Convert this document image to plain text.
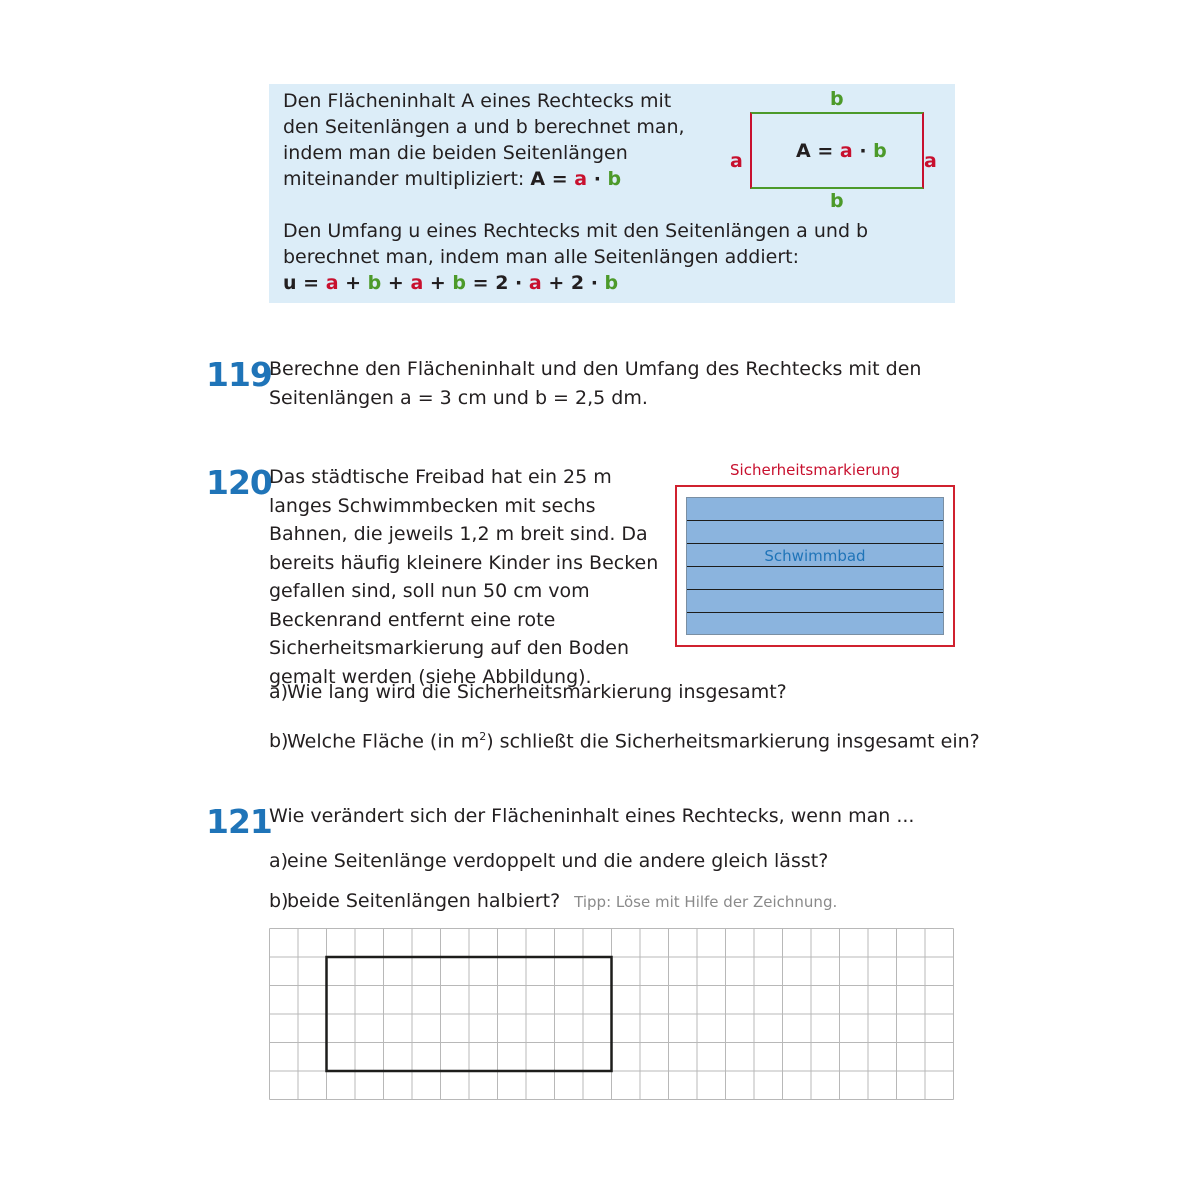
Den Flächeninhalt A eines Rechtecks mit den Seitenlängen a und b berechnet man, indem man die beiden Seitenlängen miteinander multipliziert: A = a · b
b
b
a	a
A = a · b
Den Umfang u eines Rechtecks mit den Seitenlängen a und b berechnet man, indem man alle Seitenlängen addiert:
u = a + b + a + b = 2 · a + 2 · b
119
Berechne den Flächeninhalt und den Umfang des Rechtecks mit den Seitenlängen a = 3 cm und b = 2,5 dm.
120
Das städtische Freibad hat ein 25 m langes Schwimmbecken mit sechs Bahnen, die jeweils 1,2 m breit sind. Da bereits häufig kleinere Kinder ins Becken gefallen sind, soll nun 50 cm vom Beckenrand entfernt eine rote Sicherheitsmarkierung auf den Boden gemalt werden (siehe Abbildung).
Sicherheitsmarkierung
Schwimmbad
a)Wie lang wird die Sicherheitsmarkierung insgesamt?
b)Welche Fläche (in $m^2$) schließt die Sicherheitsmarkierung insgesamt ein?
121
Wie verändert sich der Flächeninhalt eines Rechtecks, wenn man ...
a)eine Seitenlänge verdoppelt und die andere gleich lässt?
b)beide Seitenlängen halbiert? Tipp: Löse mit Hilfe der Zeichnung.
